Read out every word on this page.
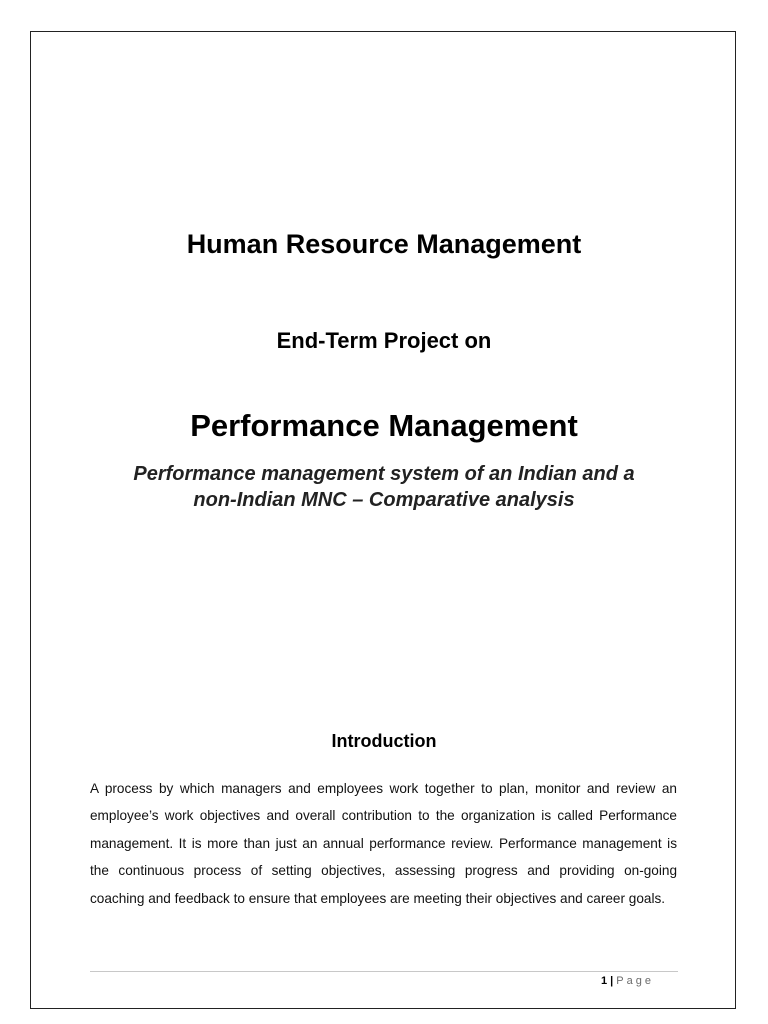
Human Resource Management
End-Term Project on
Performance Management
Performance management system of an Indian and a
non-Indian MNC – Comparative analysis
Introduction

A process by which managers and employees work together to plan, monitor and review an employee’s work objectives and overall contribution to the organization is called Performance management. It is more than just an annual performance review. Performance management is the continuous process of setting objectives, assessing progress and providing on-going coaching and feedback to ensure that employees are meeting their objectives and career goals.

1 | Page
